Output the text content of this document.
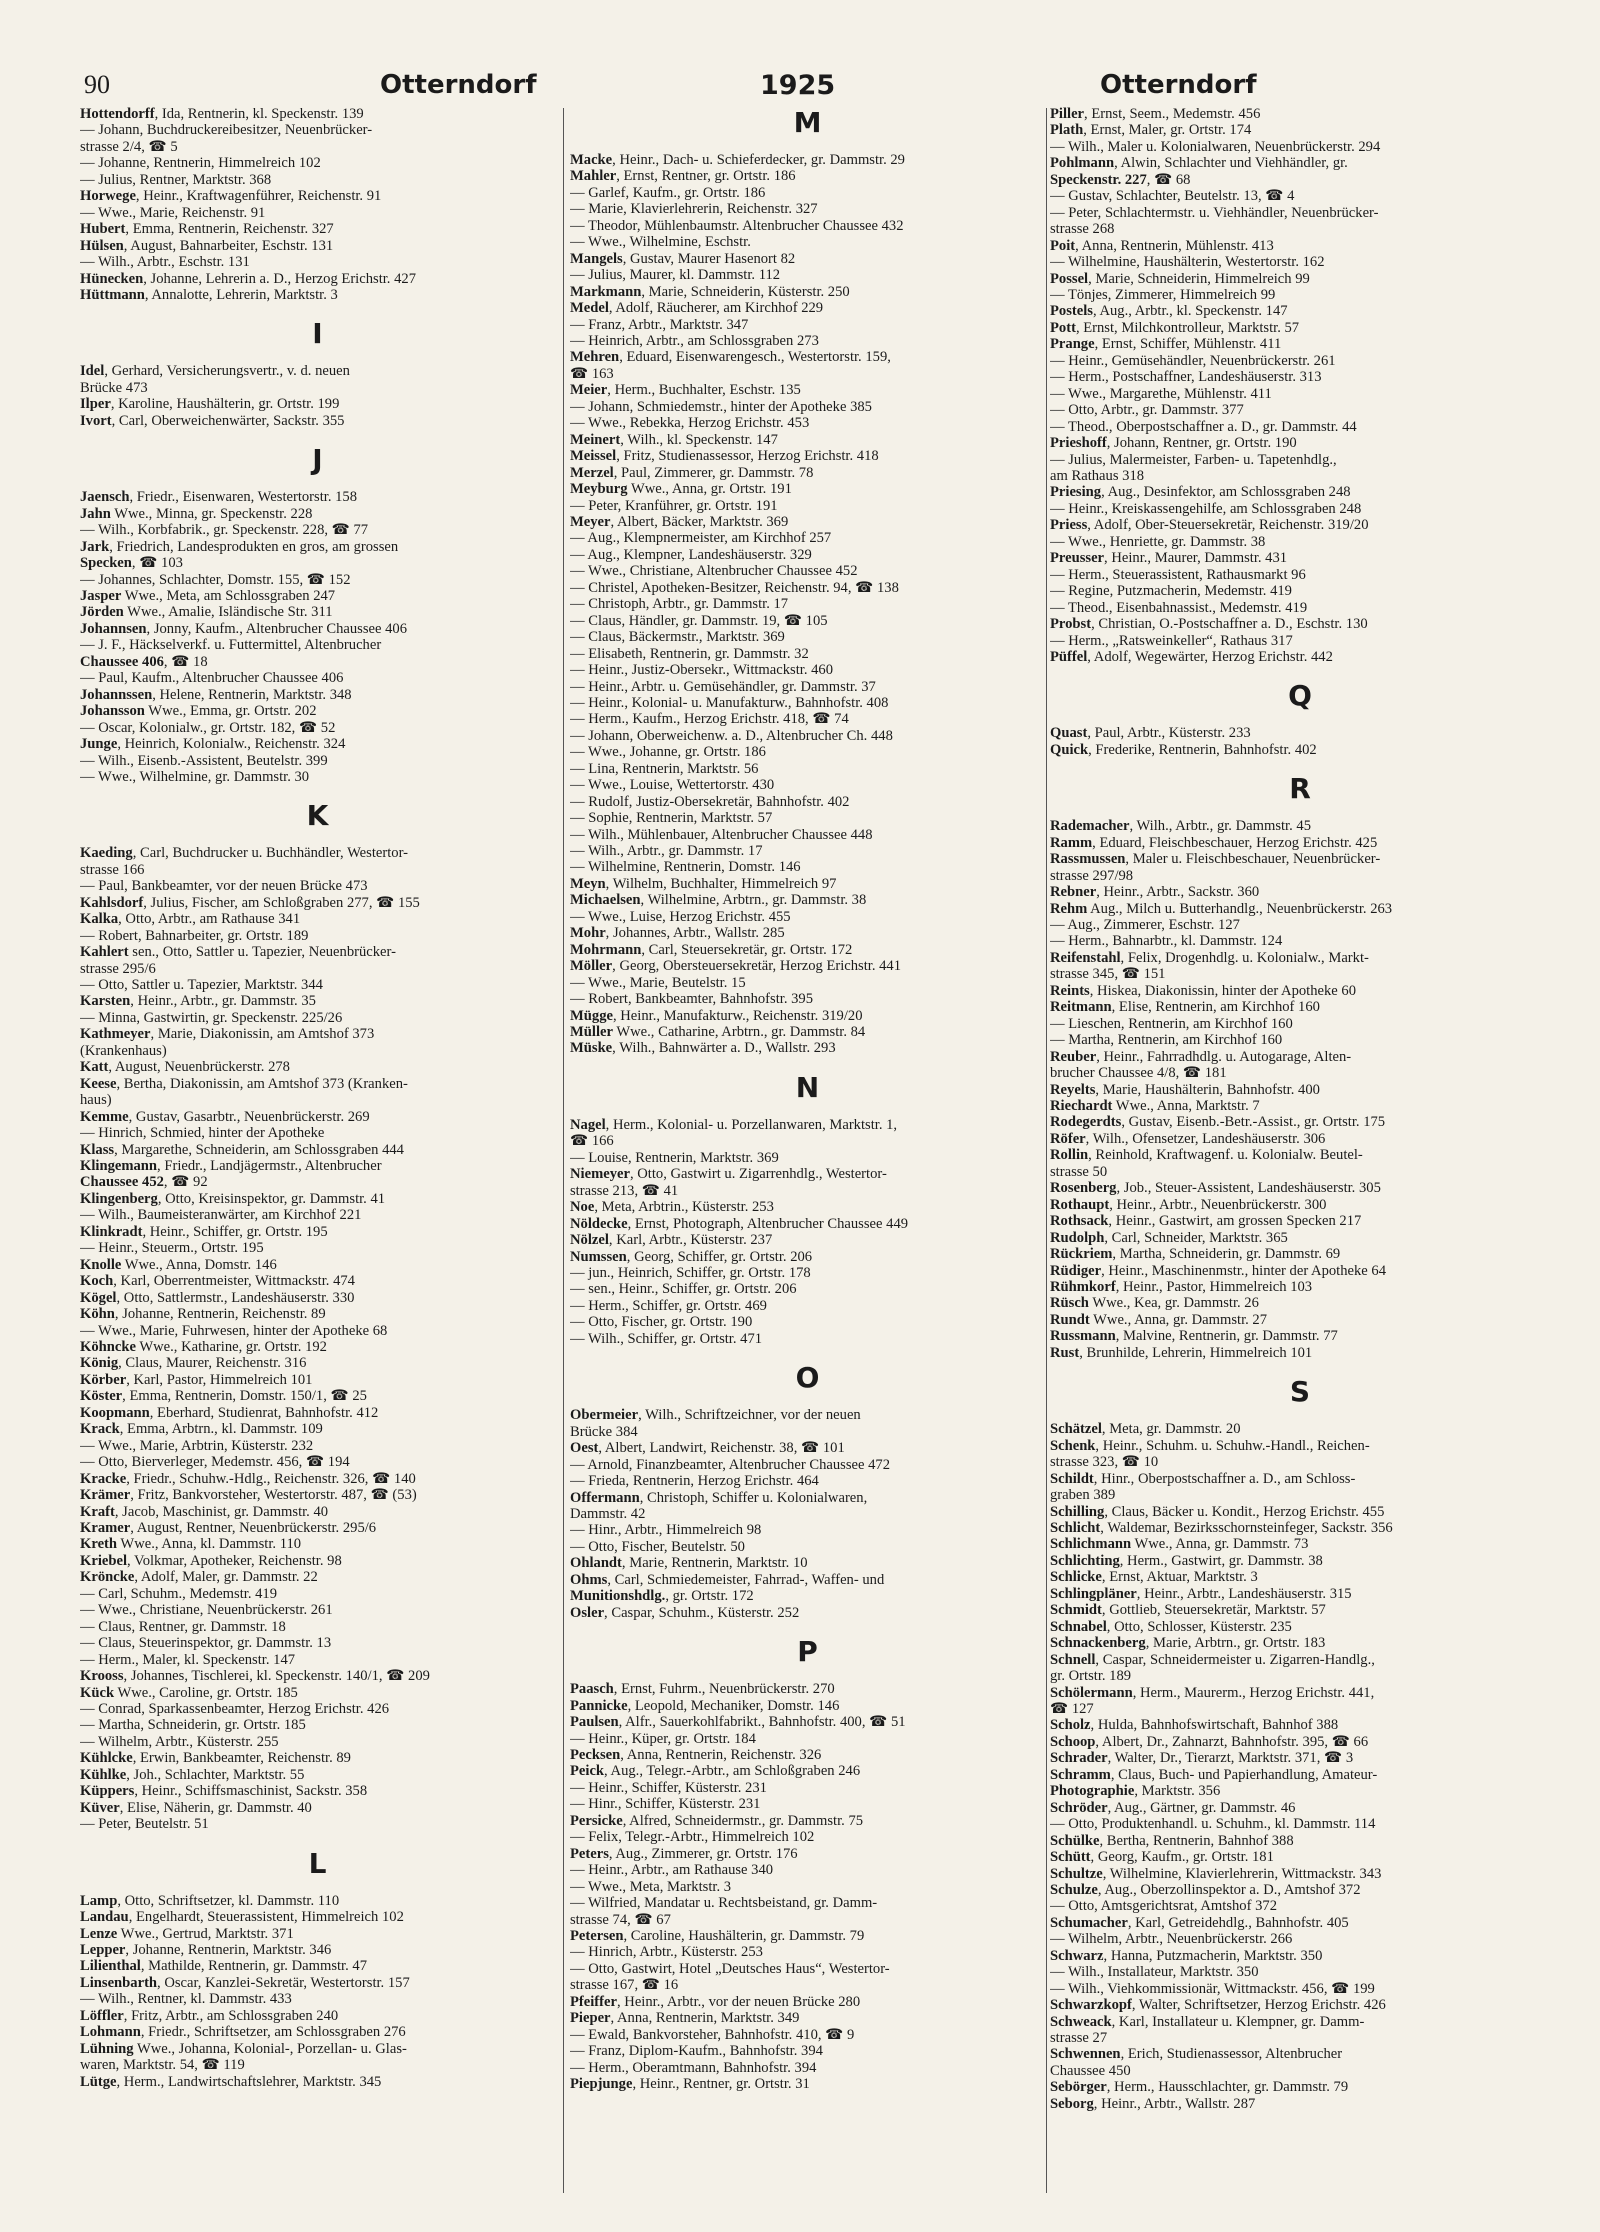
90	Otterndorf	1925	Otterndorf
Hottendorff, Ida, Rentnerin, kl. Speckenstr. 139
— Johann, Buchdruckereibesitzer, Neuenbrücker-
strasse 2/4, ☎ 5
— Johanne, Rentnerin, Himmelreich 102
— Julius, Rentner, Marktstr. 368
Horwege, Heinr., Kraftwagenführer, Reichenstr. 91
— Wwe., Marie, Reichenstr. 91
Hubert, Emma, Rentnerin, Reichenstr. 327
Hülsen, August, Bahnarbeiter, Eschstr. 131
— Wilh., Arbtr., Eschstr. 131
Hünecken, Johanne, Lehrerin a. D., Herzog Erichstr. 427
Hüttmann, Annalotte, Lehrerin, Marktstr. 3
I
Idel, Gerhard, Versicherungsvertr., v. d. neuen
Brücke 473
Ilper, Karoline, Haushälterin, gr. Ortstr. 199
Ivort, Carl, Oberweichenwärter, Sackstr. 355
J
Jaensch, Friedr., Eisenwaren, Westertorstr. 158
Jahn Wwe., Minna, gr. Speckenstr. 228
— Wilh., Korbfabrik., gr. Speckenstr. 228, ☎ 77
Jark, Friedrich, Landesprodukten en gros, am grossen
Specken, ☎ 103
— Johannes, Schlachter, Domstr. 155, ☎ 152
Jasper Wwe., Meta, am Schlossgraben 247
Jörden Wwe., Amalie, Isländische Str. 311
Johannsen, Jonny, Kaufm., Altenbrucher Chaussee 406
— J. F., Häckselverkf. u. Futtermittel, Altenbrucher
Chaussee 406, ☎ 18
— Paul, Kaufm., Altenbrucher Chaussee 406
Johannssen, Helene, Rentnerin, Marktstr. 348
Johansson Wwe., Emma, gr. Ortstr. 202
— Oscar, Kolonialw., gr. Ortstr. 182, ☎ 52
Junge, Heinrich, Kolonialw., Reichenstr. 324
— Wilh., Eisenb.-Assistent, Beutelstr. 399
— Wwe., Wilhelmine, gr. Dammstr. 30
K
Kaeding, Carl, Buchdrucker u. Buchhändler, Westertor-
strasse 166
— Paul, Bankbeamter, vor der neuen Brücke 473
Kahlsdorf, Julius, Fischer, am Schloßgraben 277, ☎ 155
Kalka, Otto, Arbtr., am Rathause 341
— Robert, Bahnarbeiter, gr. Ortstr. 189
Kahlert sen., Otto, Sattler u. Tapezier, Neuenbrücker-
strasse 295/6
— Otto, Sattler u. Tapezier, Marktstr. 344
Karsten, Heinr., Arbtr., gr. Dammstr. 35
— Minna, Gastwirtin, gr. Speckenstr. 225/26
Kathmeyer, Marie, Diakonissin, am Amtshof 373
(Krankenhaus)
Katt, August, Neuenbrückerstr. 278
Keese, Bertha, Diakonissin, am Amtshof 373 (Kranken-
haus)
Kemme, Gustav, Gasarbtr., Neuenbrückerstr. 269
— Hinrich, Schmied, hinter der Apotheke
Klass, Margarethe, Schneiderin, am Schlossgraben 444
Klingemann, Friedr., Landjägermstr., Altenbrucher
Chaussee 452, ☎ 92
Klingenberg, Otto, Kreisinspektor, gr. Dammstr. 41
— Wilh., Baumeisteranwärter, am Kirchhof 221
Klinkradt, Heinr., Schiffer, gr. Ortstr. 195
— Heinr., Steuerm., Ortstr. 195
Knolle Wwe., Anna, Domstr. 146
Koch, Karl, Oberrentmeister, Wittmackstr. 474
Kögel, Otto, Sattlermstr., Landeshäuserstr. 330
Köhn, Johanne, Rentnerin, Reichenstr. 89
— Wwe., Marie, Fuhrwesen, hinter der Apotheke 68
Köhncke Wwe., Katharine, gr. Ortstr. 192
König, Claus, Maurer, Reichenstr. 316
Körber, Karl, Pastor, Himmelreich 101
Köster, Emma, Rentnerin, Domstr. 150/1, ☎ 25
Koopmann, Eberhard, Studienrat, Bahnhofstr. 412
Krack, Emma, Arbtrn., kl. Dammstr. 109
— Wwe., Marie, Arbtrin, Küsterstr. 232
— Otto, Bierverleger, Medemstr. 456, ☎ 194
Kracke, Friedr., Schuhw.-Hdlg., Reichenstr. 326, ☎ 140
Krämer, Fritz, Bankvorsteher, Westertorstr. 487, ☎ (53)
Kraft, Jacob, Maschinist, gr. Dammstr. 40
Kramer, August, Rentner, Neuenbrückerstr. 295/6
Kreth Wwe., Anna, kl. Dammstr. 110
Kriebel, Volkmar, Apotheker, Reichenstr. 98
Kröncke, Adolf, Maler, gr. Dammstr. 22
— Carl, Schuhm., Medemstr. 419
— Wwe., Christiane, Neuenbrückerstr. 261
— Claus, Rentner, gr. Dammstr. 18
— Claus, Steuerinspektor, gr. Dammstr. 13
— Herm., Maler, kl. Speckenstr. 147
Krooss, Johannes, Tischlerei, kl. Speckenstr. 140/1, ☎ 209
Kück Wwe., Caroline, gr. Ortstr. 185
— Conrad, Sparkassenbeamter, Herzog Erichstr. 426
— Martha, Schneiderin, gr. Ortstr. 185
— Wilhelm, Arbtr., Küsterstr. 255
Kühlcke, Erwin, Bankbeamter, Reichenstr. 89
Kühlke, Joh., Schlachter, Marktstr. 55
Küppers, Heinr., Schiffsmaschinist, Sackstr. 358
Küver, Elise, Näherin, gr. Dammstr. 40
— Peter, Beutelstr. 51
L
Lamp, Otto, Schriftsetzer, kl. Dammstr. 110
Landau, Engelhardt, Steuerassistent, Himmelreich 102
Lenze Wwe., Gertrud, Marktstr. 371
Lepper, Johanne, Rentnerin, Marktstr. 346
Lilienthal, Mathilde, Rentnerin, gr. Dammstr. 47
Linsenbarth, Oscar, Kanzlei-Sekretär, Westertorstr. 157
— Wilh., Rentner, kl. Dammstr. 433
Löffler, Fritz, Arbtr., am Schlossgraben 240
Lohmann, Friedr., Schriftsetzer, am Schlossgraben 276
Lühning Wwe., Johanna, Kolonial-, Porzellan- u. Glas-
waren, Marktstr. 54, ☎ 119
Lütge, Herm., Landwirtschaftslehrer, Marktstr. 345
M
Macke, Heinr., Dach- u. Schieferdecker, gr. Dammstr. 29
Mahler, Ernst, Rentner, gr. Ortstr. 186
— Garlef, Kaufm., gr. Ortstr. 186
— Marie, Klavierlehrerin, Reichenstr. 327
— Theodor, Mühlenbaumstr. Altenbrucher Chaussee 432
— Wwe., Wilhelmine, Eschstr.
Mangels, Gustav, Maurer Hasenort 82
— Julius, Maurer, kl. Dammstr. 112
Markmann, Marie, Schneiderin, Küsterstr. 250
Medel, Adolf, Räucherer, am Kirchhof 229
— Franz, Arbtr., Marktstr. 347
— Heinrich, Arbtr., am Schlossgraben 273
Mehren, Eduard, Eisenwarengesch., Westertorstr. 159,
☎ 163
Meier, Herm., Buchhalter, Eschstr. 135
— Johann, Schmiedemstr., hinter der Apotheke 385
— Wwe., Rebekka, Herzog Erichstr. 453
Meinert, Wilh., kl. Speckenstr. 147
Meissel, Fritz, Studienassessor, Herzog Erichstr. 418
Merzel, Paul, Zimmerer, gr. Dammstr. 78
Meyburg Wwe., Anna, gr. Ortstr. 191
— Peter, Kranführer, gr. Ortstr. 191
Meyer, Albert, Bäcker, Marktstr. 369
— Aug., Klempnermeister, am Kirchhof 257
— Aug., Klempner, Landeshäuserstr. 329
— Wwe., Christiane, Altenbrucher Chaussee 452
— Christel, Apotheken-Besitzer, Reichenstr. 94, ☎ 138
— Christoph, Arbtr., gr. Dammstr. 17
— Claus, Händler, gr. Dammstr. 19, ☎ 105
— Claus, Bäckermstr., Marktstr. 369
— Elisabeth, Rentnerin, gr. Dammstr. 32
— Heinr., Justiz-Obersekr., Wittmackstr. 460
— Heinr., Arbtr. u. Gemüsehändler, gr. Dammstr. 37
— Heinr., Kolonial- u. Manufakturw., Bahnhofstr. 408
— Herm., Kaufm., Herzog Erichstr. 418, ☎ 74
— Johann, Oberweichenw. a. D., Altenbrucher Ch. 448
— Wwe., Johanne, gr. Ortstr. 186
— Lina, Rentnerin, Marktstr. 56
— Wwe., Louise, Wettertorstr. 430
— Rudolf, Justiz-Obersekretär, Bahnhofstr. 402
— Sophie, Rentnerin, Marktstr. 57
— Wilh., Mühlenbauer, Altenbrucher Chaussee 448
— Wilh., Arbtr., gr. Dammstr. 17
— Wilhelmine, Rentnerin, Domstr. 146
Meyn, Wilhelm, Buchhalter, Himmelreich 97
Michaelsen, Wilhelmine, Arbtrn., gr. Dammstr. 38
— Wwe., Luise, Herzog Erichstr. 455
Mohr, Johannes, Arbtr., Wallstr. 285
Mohrmann, Carl, Steuersekretär, gr. Ortstr. 172
Möller, Georg, Obersteuersekretär, Herzog Erichstr. 441
— Wwe., Marie, Beutelstr. 15
— Robert, Bankbeamter, Bahnhofstr. 395
Mügge, Heinr., Manufakturw., Reichenstr. 319/20
Müller Wwe., Catharine, Arbtrn., gr. Dammstr. 84
Müske, Wilh., Bahnwärter a. D., Wallstr. 293
N
Nagel, Herm., Kolonial- u. Porzellanwaren, Marktstr. 1,
☎ 166
— Louise, Rentnerin, Marktstr. 369
Niemeyer, Otto, Gastwirt u. Zigarrenhdlg., Westertor-
strasse 213, ☎ 41
Noe, Meta, Arbtrin., Küsterstr. 253
Nöldecke, Ernst, Photograph, Altenbrucher Chaussee 449
Nölzel, Karl, Arbtr., Küsterstr. 237
Numssen, Georg, Schiffer, gr. Ortstr. 206
— jun., Heinrich, Schiffer, gr. Ortstr. 178
— sen., Heinr., Schiffer, gr. Ortstr. 206
— Herm., Schiffer, gr. Ortstr. 469
— Otto, Fischer, gr. Ortstr. 190
— Wilh., Schiffer, gr. Ortstr. 471
O
Obermeier, Wilh., Schriftzeichner, vor der neuen
Brücke 384
Oest, Albert, Landwirt, Reichenstr. 38, ☎ 101
— Arnold, Finanzbeamter, Altenbrucher Chaussee 472
— Frieda, Rentnerin, Herzog Erichstr. 464
Offermann, Christoph, Schiffer u. Kolonialwaren,
Dammstr. 42
— Hinr., Arbtr., Himmelreich 98
— Otto, Fischer, Beutelstr. 50
Ohlandt, Marie, Rentnerin, Marktstr. 10
Ohms, Carl, Schmiedemeister, Fahrrad-, Waffen- und
Munitionshdlg., gr. Ortstr. 172
Osler, Caspar, Schuhm., Küsterstr. 252
P
Paasch, Ernst, Fuhrm., Neuenbrückerstr. 270
Pannicke, Leopold, Mechaniker, Domstr. 146
Paulsen, Alfr., Sauerkohlfabrikt., Bahnhofstr. 400, ☎ 51
— Heinr., Küper, gr. Ortstr. 184
Pecksen, Anna, Rentnerin, Reichenstr. 326
Peick, Aug., Telegr.-Arbtr., am Schloßgraben 246
— Heinr., Schiffer, Küsterstr. 231
— Hinr., Schiffer, Küsterstr. 231
Persicke, Alfred, Schneidermstr., gr. Dammstr. 75
— Felix, Telegr.-Arbtr., Himmelreich 102
Peters, Aug., Zimmerer, gr. Ortstr. 176
— Heinr., Arbtr., am Rathause 340
— Wwe., Meta, Marktstr. 3
— Wilfried, Mandatar u. Rechtsbeistand, gr. Damm-
strasse 74, ☎ 67
Petersen, Caroline, Haushälterin, gr. Dammstr. 79
— Hinrich, Arbtr., Küsterstr. 253
— Otto, Gastwirt, Hotel „Deutsches Haus“, Westertor-
strasse 167, ☎ 16
Pfeiffer, Heinr., Arbtr., vor der neuen Brücke 280
Pieper, Anna, Rentnerin, Marktstr. 349
— Ewald, Bankvorsteher, Bahnhofstr. 410, ☎ 9
— Franz, Diplom-Kaufm., Bahnhofstr. 394
— Herm., Oberamtmann, Bahnhofstr. 394
Piepjunge, Heinr., Rentner, gr. Ortstr. 31
Piller, Ernst, Seem., Medemstr. 456
Plath, Ernst, Maler, gr. Ortstr. 174
— Wilh., Maler u. Kolonialwaren, Neuenbrückerstr. 294
Pohlmann, Alwin, Schlachter und Viehhändler, gr.
Speckenstr. 227, ☎ 68
— Gustav, Schlachter, Beutelstr. 13, ☎ 4
— Peter, Schlachtermstr. u. Viehhändler, Neuenbrücker-
strasse 268
Poit, Anna, Rentnerin, Mühlenstr. 413
— Wilhelmine, Haushälterin, Westertorstr. 162
Possel, Marie, Schneiderin, Himmelreich 99
— Tönjes, Zimmerer, Himmelreich 99
Postels, Aug., Arbtr., kl. Speckenstr. 147
Pott, Ernst, Milchkontrolleur, Marktstr. 57
Prange, Ernst, Schiffer, Mühlenstr. 411
— Heinr., Gemüsehändler, Neuenbrückerstr. 261
— Herm., Postschaffner, Landeshäuserstr. 313
— Wwe., Margarethe, Mühlenstr. 411
— Otto, Arbtr., gr. Dammstr. 377
— Theod., Oberpostschaffner a. D., gr. Dammstr. 44
Prieshoff, Johann, Rentner, gr. Ortstr. 190
— Julius, Malermeister, Farben- u. Tapetenhdlg.,
am Rathaus 318
Priesing, Aug., Desinfektor, am Schlossgraben 248
— Heinr., Kreiskassengehilfe, am Schlossgraben 248
Priess, Adolf, Ober-Steuersekretär, Reichenstr. 319/20
— Wwe., Henriette, gr. Dammstr. 38
Preusser, Heinr., Maurer, Dammstr. 431
— Herm., Steuerassistent, Rathausmarkt 96
— Regine, Putzmacherin, Medemstr. 419
— Theod., Eisenbahnassist., Medemstr. 419
Probst, Christian, O.-Postschaffner a. D., Eschstr. 130
— Herm., „Ratsweinkeller“, Rathaus 317
Püffel, Adolf, Wegewärter, Herzog Erichstr. 442
Q
Quast, Paul, Arbtr., Küsterstr. 233
Quick, Frederike, Rentnerin, Bahnhofstr. 402
R
Rademacher, Wilh., Arbtr., gr. Dammstr. 45
Ramm, Eduard, Fleischbeschauer, Herzog Erichstr. 425
Rassmussen, Maler u. Fleischbeschauer, Neuenbrücker-
strasse 297/98
Rebner, Heinr., Arbtr., Sackstr. 360
Rehm Aug., Milch u. Butterhandlg., Neuenbrückerstr. 263
— Aug., Zimmerer, Eschstr. 127
— Herm., Bahnarbtr., kl. Dammstr. 124
Reifenstahl, Felix, Drogenhdlg. u. Kolonialw., Markt-
strasse 345, ☎ 151
Reints, Hiskea, Diakonissin, hinter der Apotheke 60
Reitmann, Elise, Rentnerin, am Kirchhof 160
— Lieschen, Rentnerin, am Kirchhof 160
— Martha, Rentnerin, am Kirchhof 160
Reuber, Heinr., Fahrradhdlg. u. Autogarage, Alten-
brucher Chaussee 4/8, ☎ 181
Reyelts, Marie, Haushälterin, Bahnhofstr. 400
Riechardt Wwe., Anna, Marktstr. 7
Rodegerdts, Gustav, Eisenb.-Betr.-Assist., gr. Ortstr. 175
Röfer, Wilh., Ofensetzer, Landeshäuserstr. 306
Rollin, Reinhold, Kraftwagenf. u. Kolonialw. Beutel-
strasse 50
Rosenberg, Job., Steuer-Assistent, Landeshäuserstr. 305
Rothaupt, Heinr., Arbtr., Neuenbrückerstr. 300
Rothsack, Heinr., Gastwirt, am grossen Specken 217
Rudolph, Carl, Schneider, Marktstr. 365
Rückriem, Martha, Schneiderin, gr. Dammstr. 69
Rüdiger, Heinr., Maschinenmstr., hinter der Apotheke 64
Rühmkorf, Heinr., Pastor, Himmelreich 103
Rüsch Wwe., Kea, gr. Dammstr. 26
Rundt Wwe., Anna, gr. Dammstr. 27
Russmann, Malvine, Rentnerin, gr. Dammstr. 77
Rust, Brunhilde, Lehrerin, Himmelreich 101
S
Schätzel, Meta, gr. Dammstr. 20
Schenk, Heinr., Schuhm. u. Schuhw.-Handl., Reichen-
strasse 323, ☎ 10
Schildt, Hinr., Oberpostschaffner a. D., am Schloss-
graben 389
Schilling, Claus, Bäcker u. Kondit., Herzog Erichstr. 455
Schlicht, Waldemar, Bezirksschornsteinfeger, Sackstr. 356
Schlichmann Wwe., Anna, gr. Dammstr. 73
Schlichting, Herm., Gastwirt, gr. Dammstr. 38
Schlicke, Ernst, Aktuar, Marktstr. 3
Schlingpläner, Heinr., Arbtr., Landeshäuserstr. 315
Schmidt, Gottlieb, Steuersekretär, Marktstr. 57
Schnabel, Otto, Schlosser, Küsterstr. 235
Schnackenberg, Marie, Arbtrn., gr. Ortstr. 183
Schnell, Caspar, Schneidermeister u. Zigarren-Handlg.,
gr. Ortstr. 189
Schölermann, Herm., Maurerm., Herzog Erichstr. 441,
☎ 127
Scholz, Hulda, Bahnhofswirtschaft, Bahnhof 388
Schoop, Albert, Dr., Zahnarzt, Bahnhofstr. 395, ☎ 66
Schrader, Walter, Dr., Tierarzt, Marktstr. 371, ☎ 3
Schramm, Claus, Buch- und Papierhandlung, Amateur-
Photographie, Marktstr. 356
Schröder, Aug., Gärtner, gr. Dammstr. 46
— Otto, Produktenhandl. u. Schuhm., kl. Dammstr. 114
Schülke, Bertha, Rentnerin, Bahnhof 388
Schütt, Georg, Kaufm., gr. Ortstr. 181
Schultze, Wilhelmine, Klavierlehrerin, Wittmackstr. 343
Schulze, Aug., Oberzollinspektor a. D., Amtshof 372
— Otto, Amtsgerichtsrat, Amtshof 372
Schumacher, Karl, Getreidehdlg., Bahnhofstr. 405
— Wilhelm, Arbtr., Neuenbrückerstr. 266
Schwarz, Hanna, Putzmacherin, Marktstr. 350
— Wilh., Installateur, Marktstr. 350
— Wilh., Viehkommissionär, Wittmackstr. 456, ☎ 199
Schwarzkopf, Walter, Schriftsetzer, Herzog Erichstr. 426
Schweack, Karl, Installateur u. Klempner, gr. Damm-
strasse 27
Schwennen, Erich, Studienassessor, Altenbrucher
Chaussee 450
Sebörger, Herm., Hausschlachter, gr. Dammstr. 79
Seborg, Heinr., Arbtr., Wallstr. 287
